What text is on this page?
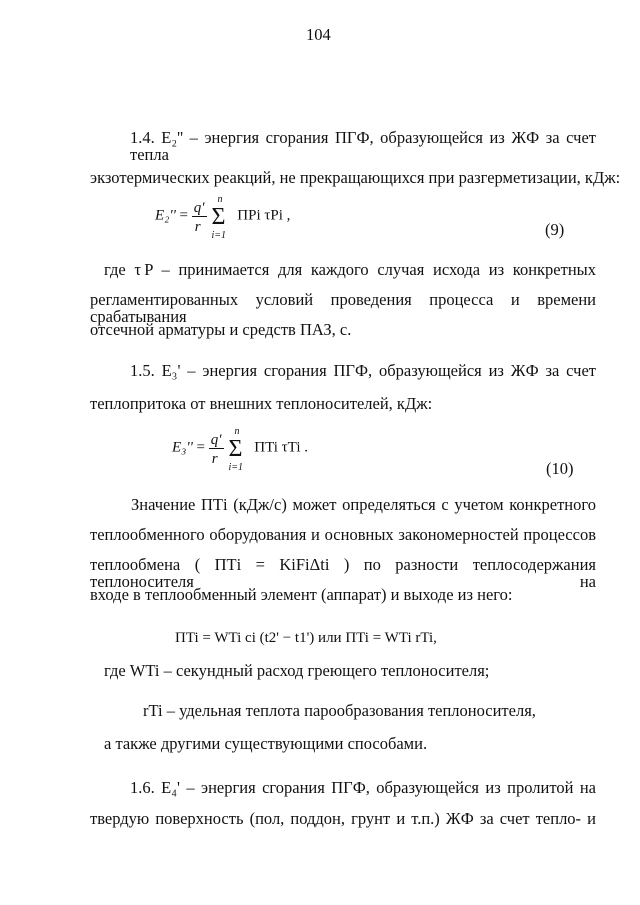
104
1.4. E₂'' – энергия сгорания ПГФ, образующейся из ЖФ за счет тепла
экзотермических реакций, не прекращающихся при разгерметизации, кДж:
$E_2'' = \frac{q'}{r}$
Σ
n
i=1
ПPi τPi ,
(9)
где τ P – принимается для каждого случая исхода из конкретных
регламентированных условий проведения процесса и времени срабатывания
отсечной арматуры и средств ПАЗ, с.
1.5. E₃' – энергия сгорания ПГФ, образующейся из ЖФ за счет
теплопритока от внешних теплоносителей, кДж:
$E_3'' = \frac{q'}{r}$
Σ
n
i=1
ПTi τTi .
(10)
Значение ПТi (кДж/с) может определяться с учетом конкретного
теплообменного оборудования и основных закономерностей процессов
теплообмена ( ПТi = KiFiΔti ) по разности теплосодержания теплоносителя на
входе в теплообменный элемент (аппарат) и выходе из него:
ПTi = WTi ci (t2' − t1') или ПTi = WTi rTi,
где WTi – секундный расход греющего теплоносителя;
rTi – удельная теплота парообразования теплоносителя,
а также другими существующими способами.
1.6. E₄' – энергия сгорания ПГФ, образующейся из пролитой на
твердую поверхность (пол, поддон, грунт и т.п.) ЖФ за счет тепло- и
